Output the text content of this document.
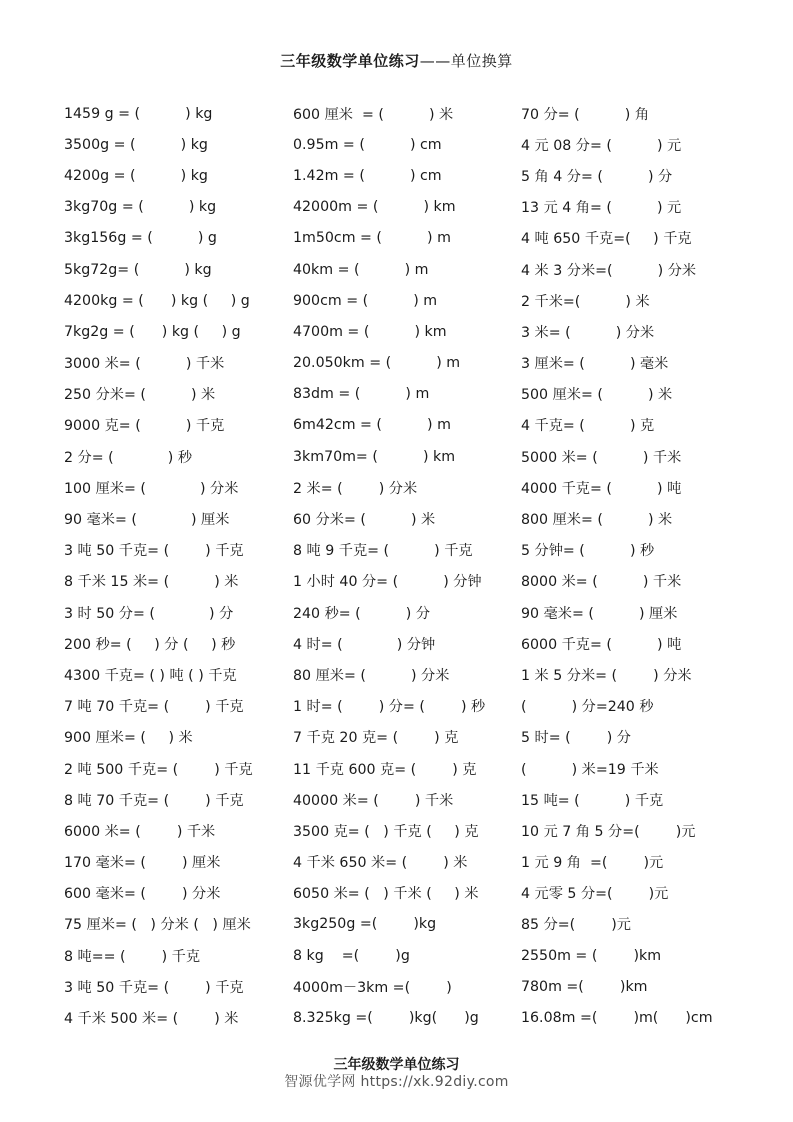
三年级数学单位练习——单位换算
1459 g = (          ) kg	600 厘米  = (          ) 米	70 分= (          ) 角
3500g = (          ) kg	0.95m = (          ) cm	4 元 08 分= (          ) 元
4200g = (          ) kg	1.42m = (          ) cm	5 角 4 分= (          ) 分
3kg70g = (          ) kg	42000m = (          ) km	13 元 4 角= (          ) 元
3kg156g = (          ) g	1m50cm = (          ) m	4 吨 650 千克=(     ) 千克
5kg72g= (          ) kg	40km = (          ) m	4 米 3 分米=(          ) 分米
4200kg = (      ) kg (     ) g	900cm = (          ) m	2 千米=(          ) 米
7kg2g = (      ) kg (     ) g	4700m = (          ) km	3 米= (          ) 分米
3000 米= (          ) 千米	20.050km = (          ) m	3 厘米= (          ) 毫米
250 分米= (          ) 米	83dm = (          ) m	500 厘米= (          ) 米
9000 克= (          ) 千克	6m42cm = (          ) m	4 千克= (          ) 克
2 分= (            ) 秒	3km70m= (          ) km	5000 米= (          ) 千米
100 厘米= (            ) 分米	2 米= (        ) 分米	4000 千克= (          ) 吨
90 毫米= (            ) 厘米	60 分米= (          ) 米	800 厘米= (          ) 米
3 吨 50 千克= (        ) 千克	8 吨 9 千克= (          ) 千克	5 分钟= (          ) 秒
8 千米 15 米= (          ) 米	1 小时 40 分= (          ) 分钟	8000 米= (          ) 千米
3 时 50 分= (            ) 分	240 秒= (          ) 分	90 毫米= (          ) 厘米
200 秒= (     ) 分 (     ) 秒	4 时= (            ) 分钟	6000 千克= (          ) 吨
4300 千克= ( ) 吨 ( ) 千克	80 厘米= (          ) 分米	1 米 5 分米= (        ) 分米
7 吨 70 千克= (        ) 千克	1 时= (        ) 分= (        ) 秒	(          ) 分=240 秒
900 厘米= (     ) 米	7 千克 20 克= (        ) 克	5 时= (        ) 分
2 吨 500 千克= (        ) 千克	11 千克 600 克= (        ) 克	(          ) 米=19 千米
8 吨 70 千克= (        ) 千克	40000 米= (        ) 千米	15 吨= (          ) 千克
6000 米= (        ) 千米	3500 克= (   ) 千克 (     ) 克	10 元 7 角 5 分=(        )元
170 毫米= (        ) 厘米	4 千米 650 米= (        ) 米	1 元 9 角  =(        )元
600 毫米= (        ) 分米	6050 米= (   ) 千米 (     ) 米	4 元零 5 分=(        )元
75 厘米= (   ) 分米 (   ) 厘米	3kg250g =(        )kg	85 分=(        )元
8 吨== (        ) 千克	8 kg    =(        )g	2550m = (        )km
3 吨 50 千克= (        ) 千克	4000m－3km =(        )	780m =(        )km
4 千米 500 米= (        ) 米	8.325kg =(        )kg(      )g	16.08m =(        )m(      )cm
三年级数学单位练习
智源优学网 https://xk.92diy.com
